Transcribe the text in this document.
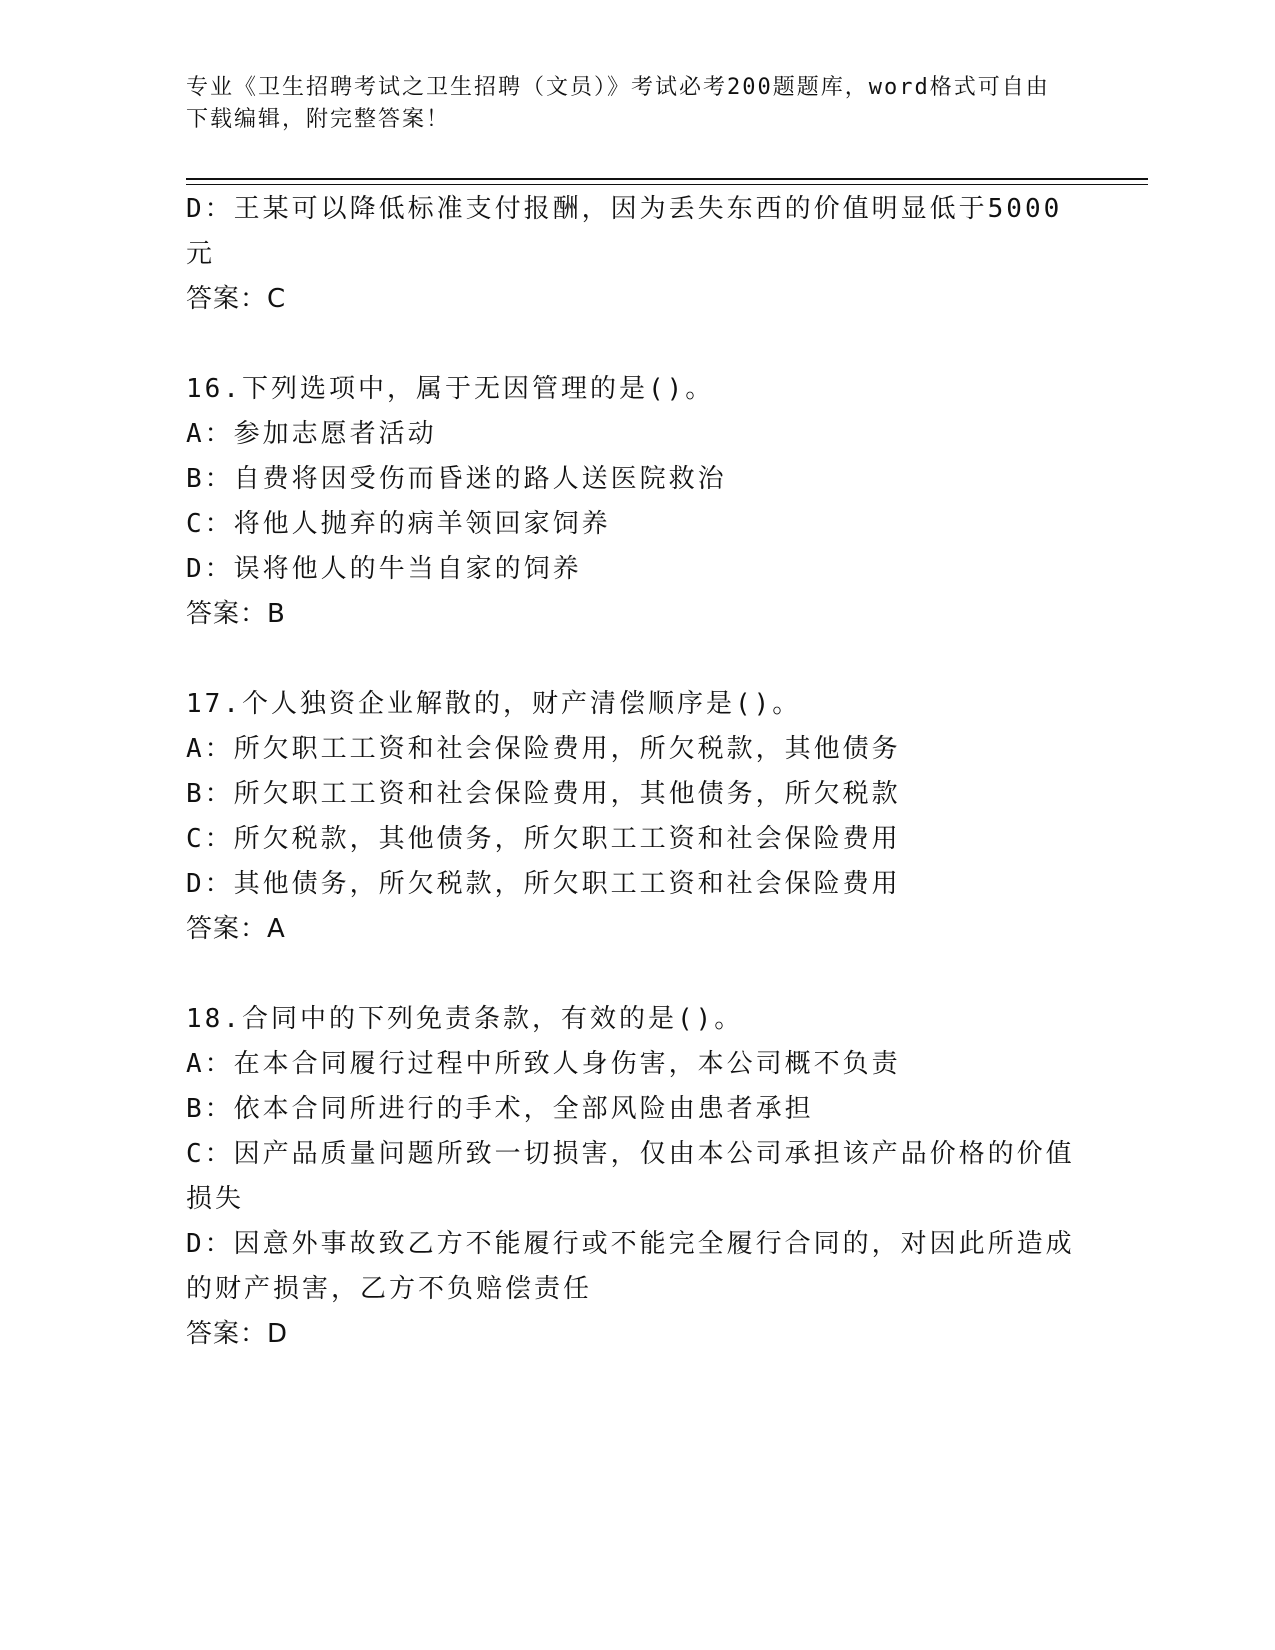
专业《卫生招聘考试之卫生招聘（文员）》考试必考200题题库，word格式可自由下载编辑，附完整答案！
D：王某可以降低标准支付报酬，因为丢失东西的价值明显低于5000元
答案：C
16.下列选项中，属于无因管理的是()。
A：参加志愿者活动
B：自费将因受伤而昏迷的路人送医院救治
C：将他人抛弃的病羊领回家饲养
D：误将他人的牛当自家的饲养
答案：B
17.个人独资企业解散的，财产清偿顺序是()。
A：所欠职工工资和社会保险费用，所欠税款，其他债务
B：所欠职工工资和社会保险费用，其他债务，所欠税款
C：所欠税款，其他债务，所欠职工工资和社会保险费用
D：其他债务，所欠税款，所欠职工工资和社会保险费用
答案：A
18.合同中的下列免责条款，有效的是()。
A：在本合同履行过程中所致人身伤害，本公司概不负责
B：依本合同所进行的手术，全部风险由患者承担
C：因产品质量问题所致一切损害，仅由本公司承担该产品价格的价值损失
D：因意外事故致乙方不能履行或不能完全履行合同的，对因此所造成的财产损害，乙方不负赔偿责任
答案：D
